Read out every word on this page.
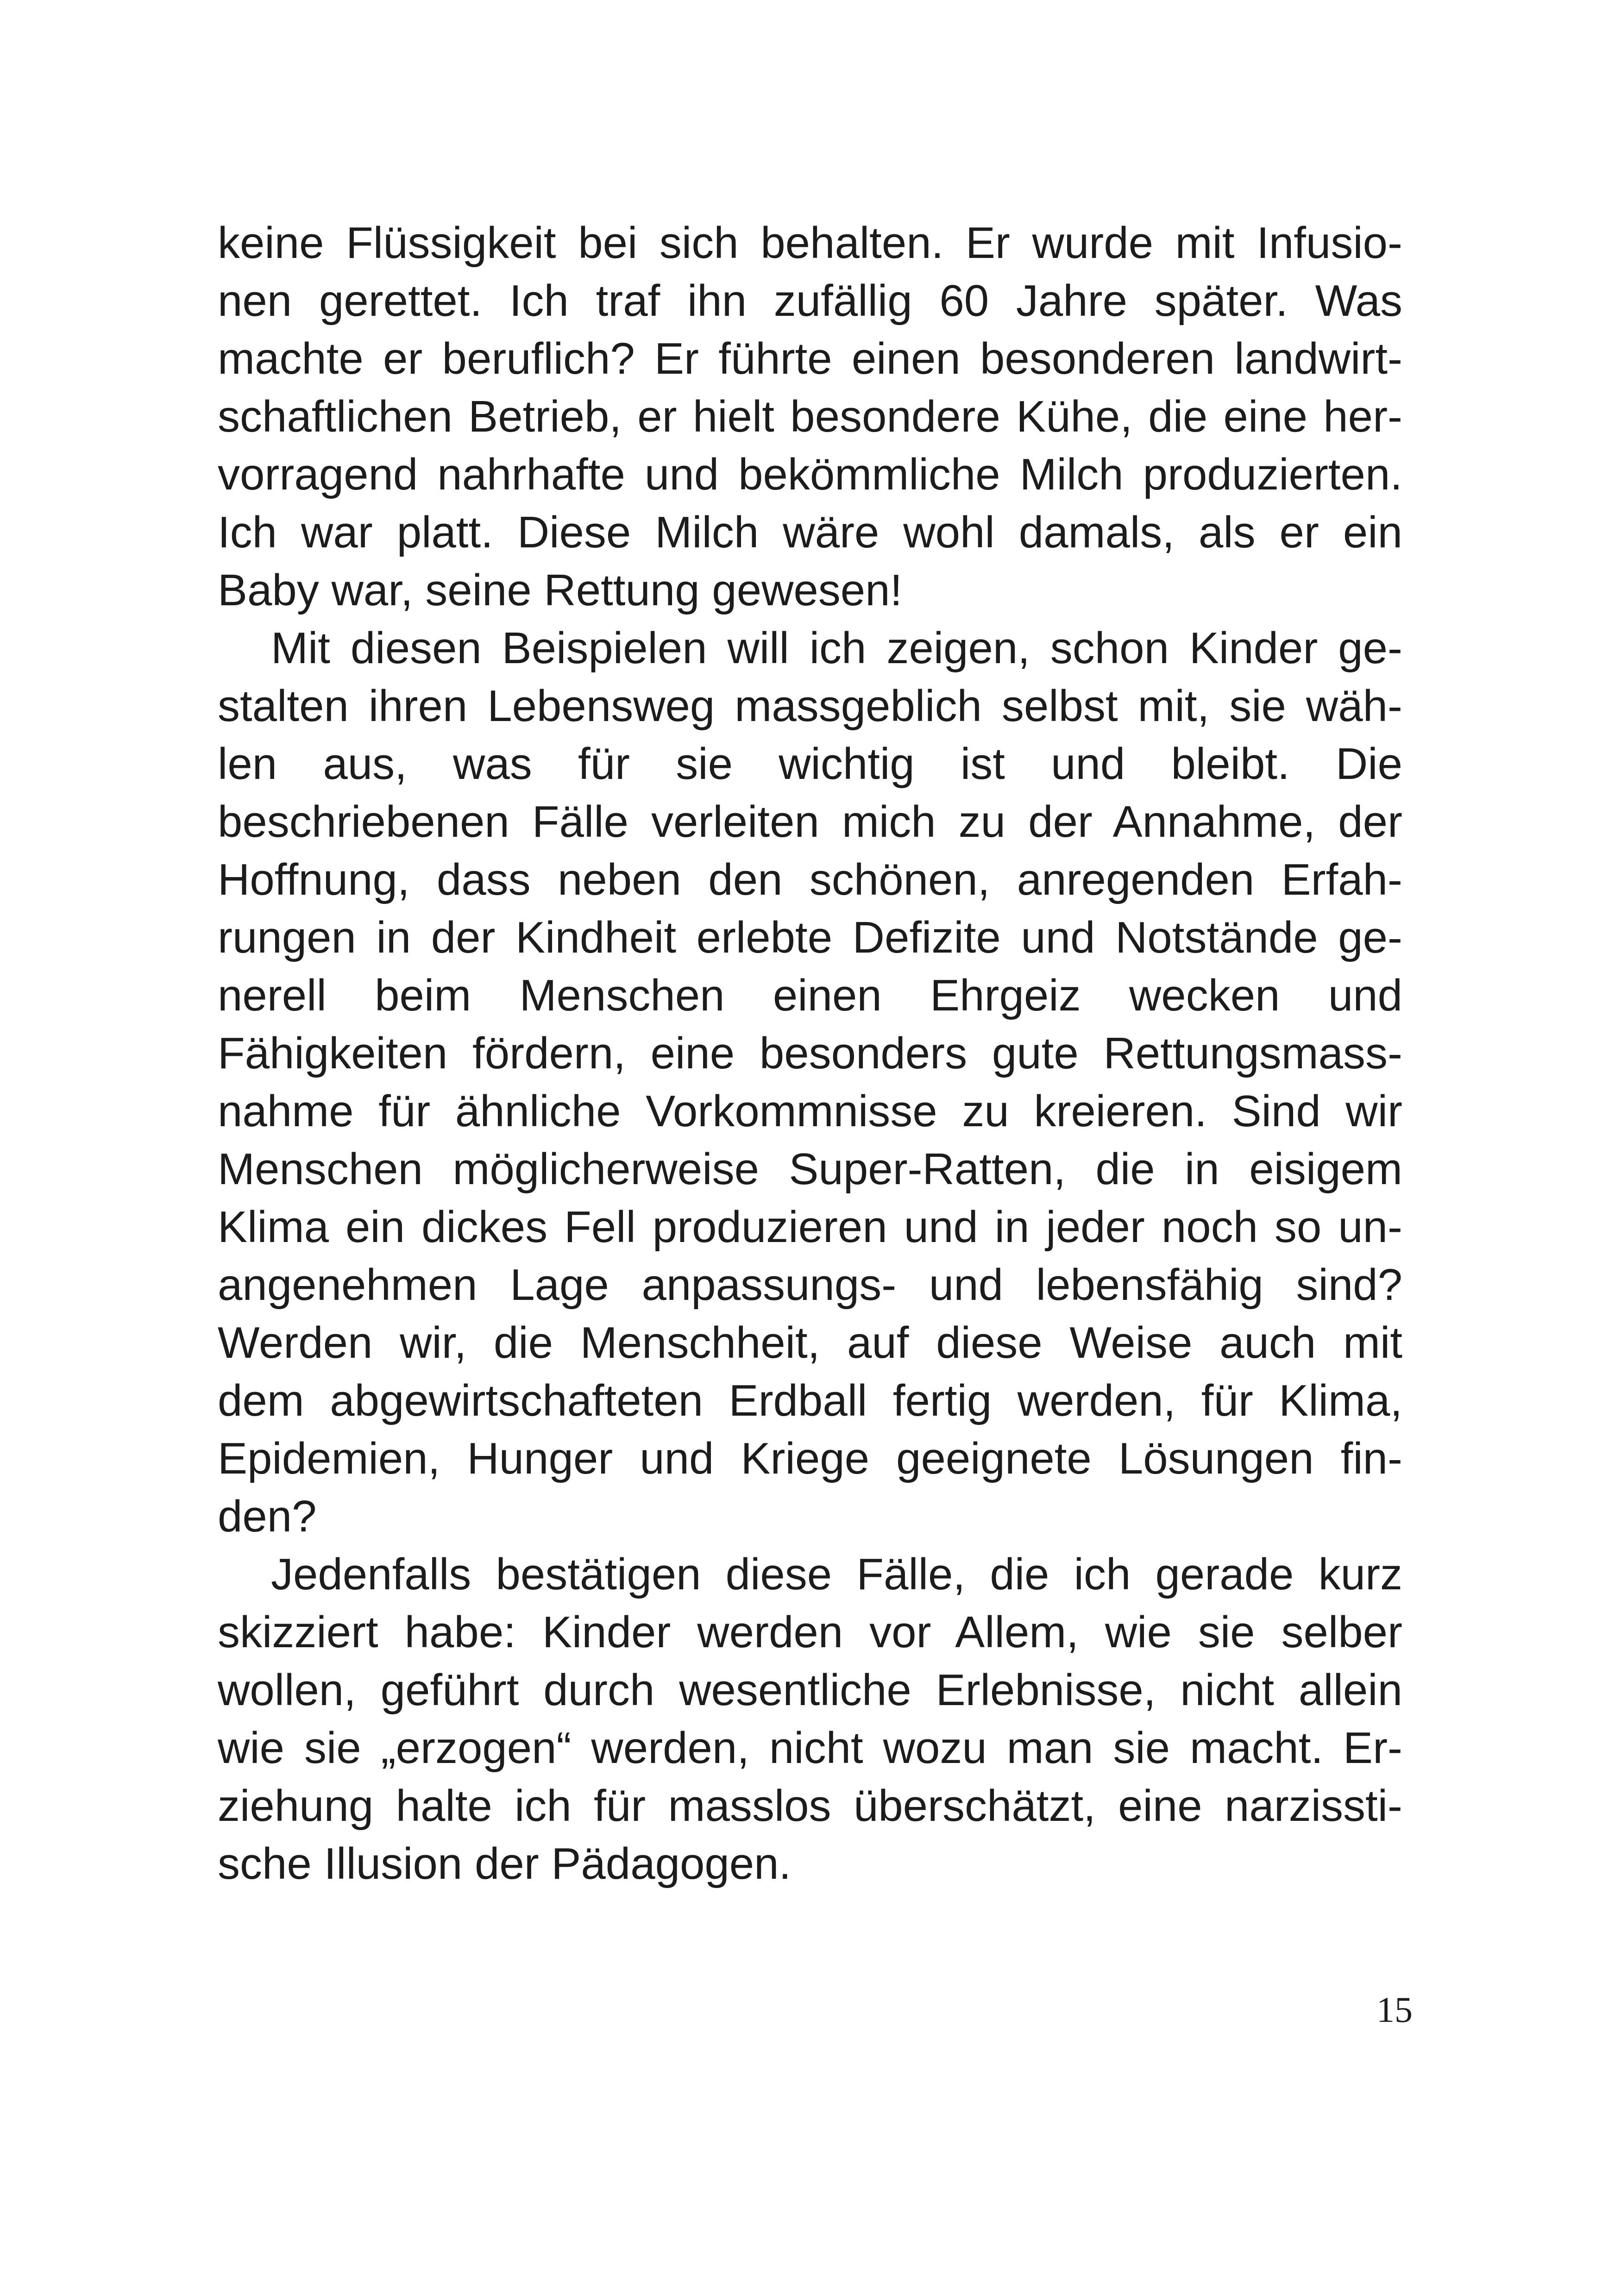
keine Flüssigkeit bei sich behalten. Er wurde mit Infusio-
nen gerettet. Ich traf ihn zufällig 60 Jahre später. Was
machte er beruflich? Er führte einen besonderen landwirt-
schaftlichen Betrieb, er hielt besondere Kühe, die eine her-
vorragend nahrhafte und bekömmliche Milch produzierten.
Ich war platt. Diese Milch wäre wohl damals, als er ein
Baby war, seine Rettung gewesen!
Mit diesen Beispielen will ich zeigen, schon Kinder ge-
stalten ihren Lebensweg massgeblich selbst mit, sie wäh-
len aus, was für sie wichtig ist und bleibt. Die
beschriebenen Fälle verleiten mich zu der Annahme, der
Hoffnung, dass neben den schönen, anregenden Erfah-
rungen in der Kindheit erlebte Defizite und Notstände ge-
nerell beim Menschen einen Ehrgeiz wecken und
Fähigkeiten fördern, eine besonders gute Rettungsmass-
nahme für ähnliche Vorkommnisse zu kreieren. Sind wir
Menschen möglicherweise Super-Ratten, die in eisigem
Klima ein dickes Fell produzieren und in jeder noch so un-
angenehmen Lage anpassungs- und lebensfähig sind?
Werden wir, die Menschheit, auf diese Weise auch mit
dem abgewirtschafteten Erdball fertig werden, für Klima,
Epidemien, Hunger und Kriege geeignete Lösungen fin-
den?
Jedenfalls bestätigen diese Fälle, die ich gerade kurz
skizziert habe: Kinder werden vor Allem, wie sie selber
wollen, geführt durch wesentliche Erlebnisse, nicht allein
wie sie „erzogen“ werden, nicht wozu man sie macht. Er-
ziehung halte ich für masslos überschätzt, eine narzissti-
sche Illusion der Pädagogen.
15
